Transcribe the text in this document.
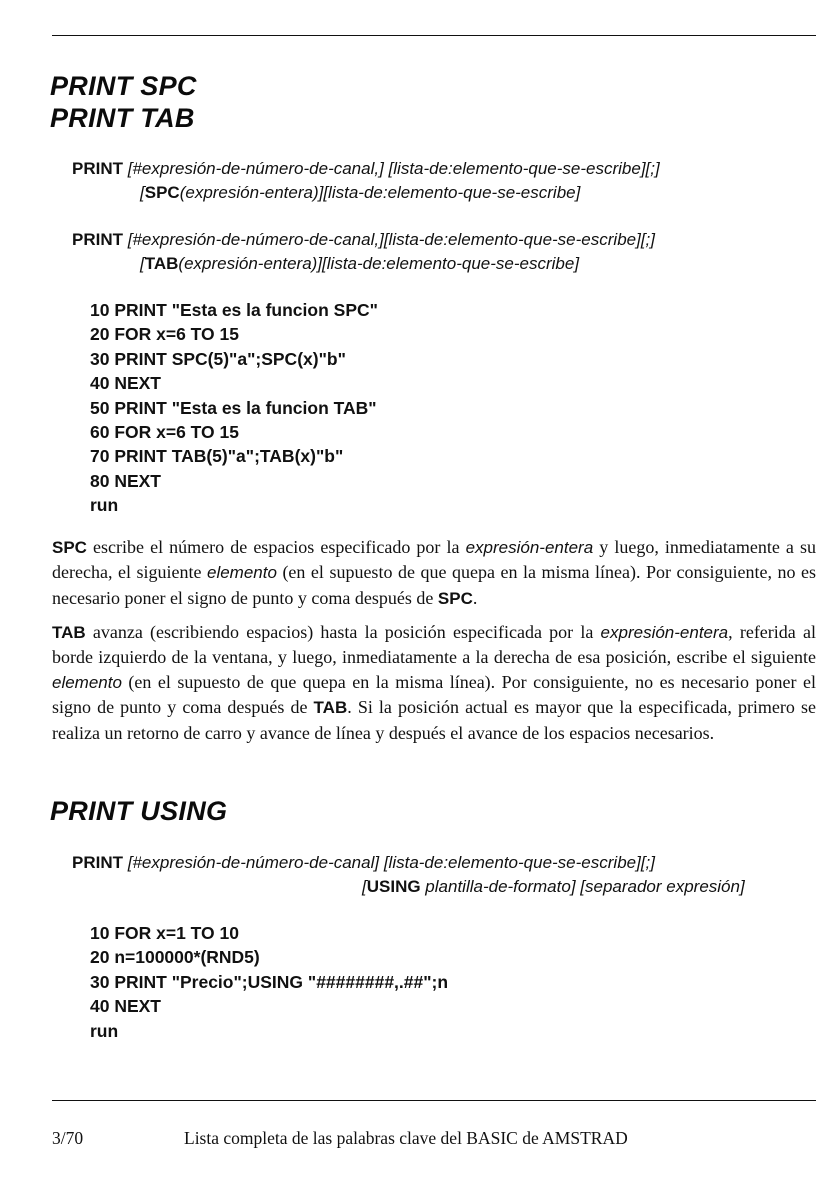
PRINT SPC
PRINT TAB
PRINT [#expresión-de-número-de-canal,] [lista-de:elemento-que-se-escribe][;]
[SPC(expresión-entera)][lista-de:elemento-que-se-escribe]
PRINT [#expresión-de-número-de-canal,][lista-de:elemento-que-se-escribe][;]
[TAB(expresión-entera)][lista-de:elemento-que-se-escribe]
10 PRINT "Esta es la funcion SPC"
20 FOR x=6 TO 15
30 PRINT SPC(5)"a";SPC(x)"b"
40 NEXT
50 PRINT "Esta es la funcion TAB"
60 FOR x=6 TO 15
70 PRINT TAB(5)"a";TAB(x)"b"
80 NEXT
run

SPC escribe el número de espacios especificado por la expresión-entera y luego, inmediatamente a su derecha, el siguiente elemento (en el supuesto de que quepa en la misma línea). Por consiguiente, no es necesario poner el signo de punto y coma después de SPC.

TAB avanza (escribiendo espacios) hasta la posición especificada por la expresión-entera, referida al borde izquierdo de la ventana, y luego, inmediatamente a la derecha de esa posición, escribe el siguiente elemento (en el supuesto de que quepa en la misma línea). Por consiguiente, no es necesario poner el signo de punto y coma después de TAB. Si la posición actual es mayor que la especificada, primero se realiza un retorno de carro y avance de línea y después el avance de los espacios necesarios.

PRINT USING
PRINT [#expresión-de-número-de-canal] [lista-de:elemento-que-se-escribe][;]
[USING plantilla-de-formato] [separador expresión]
10 FOR x=1 TO 10
20 n=100000*(RND5)
30 PRINT "Precio";USING "########,.##";n
40 NEXT
run
3/70	Lista completa de las palabras clave del BASIC de AMSTRAD
